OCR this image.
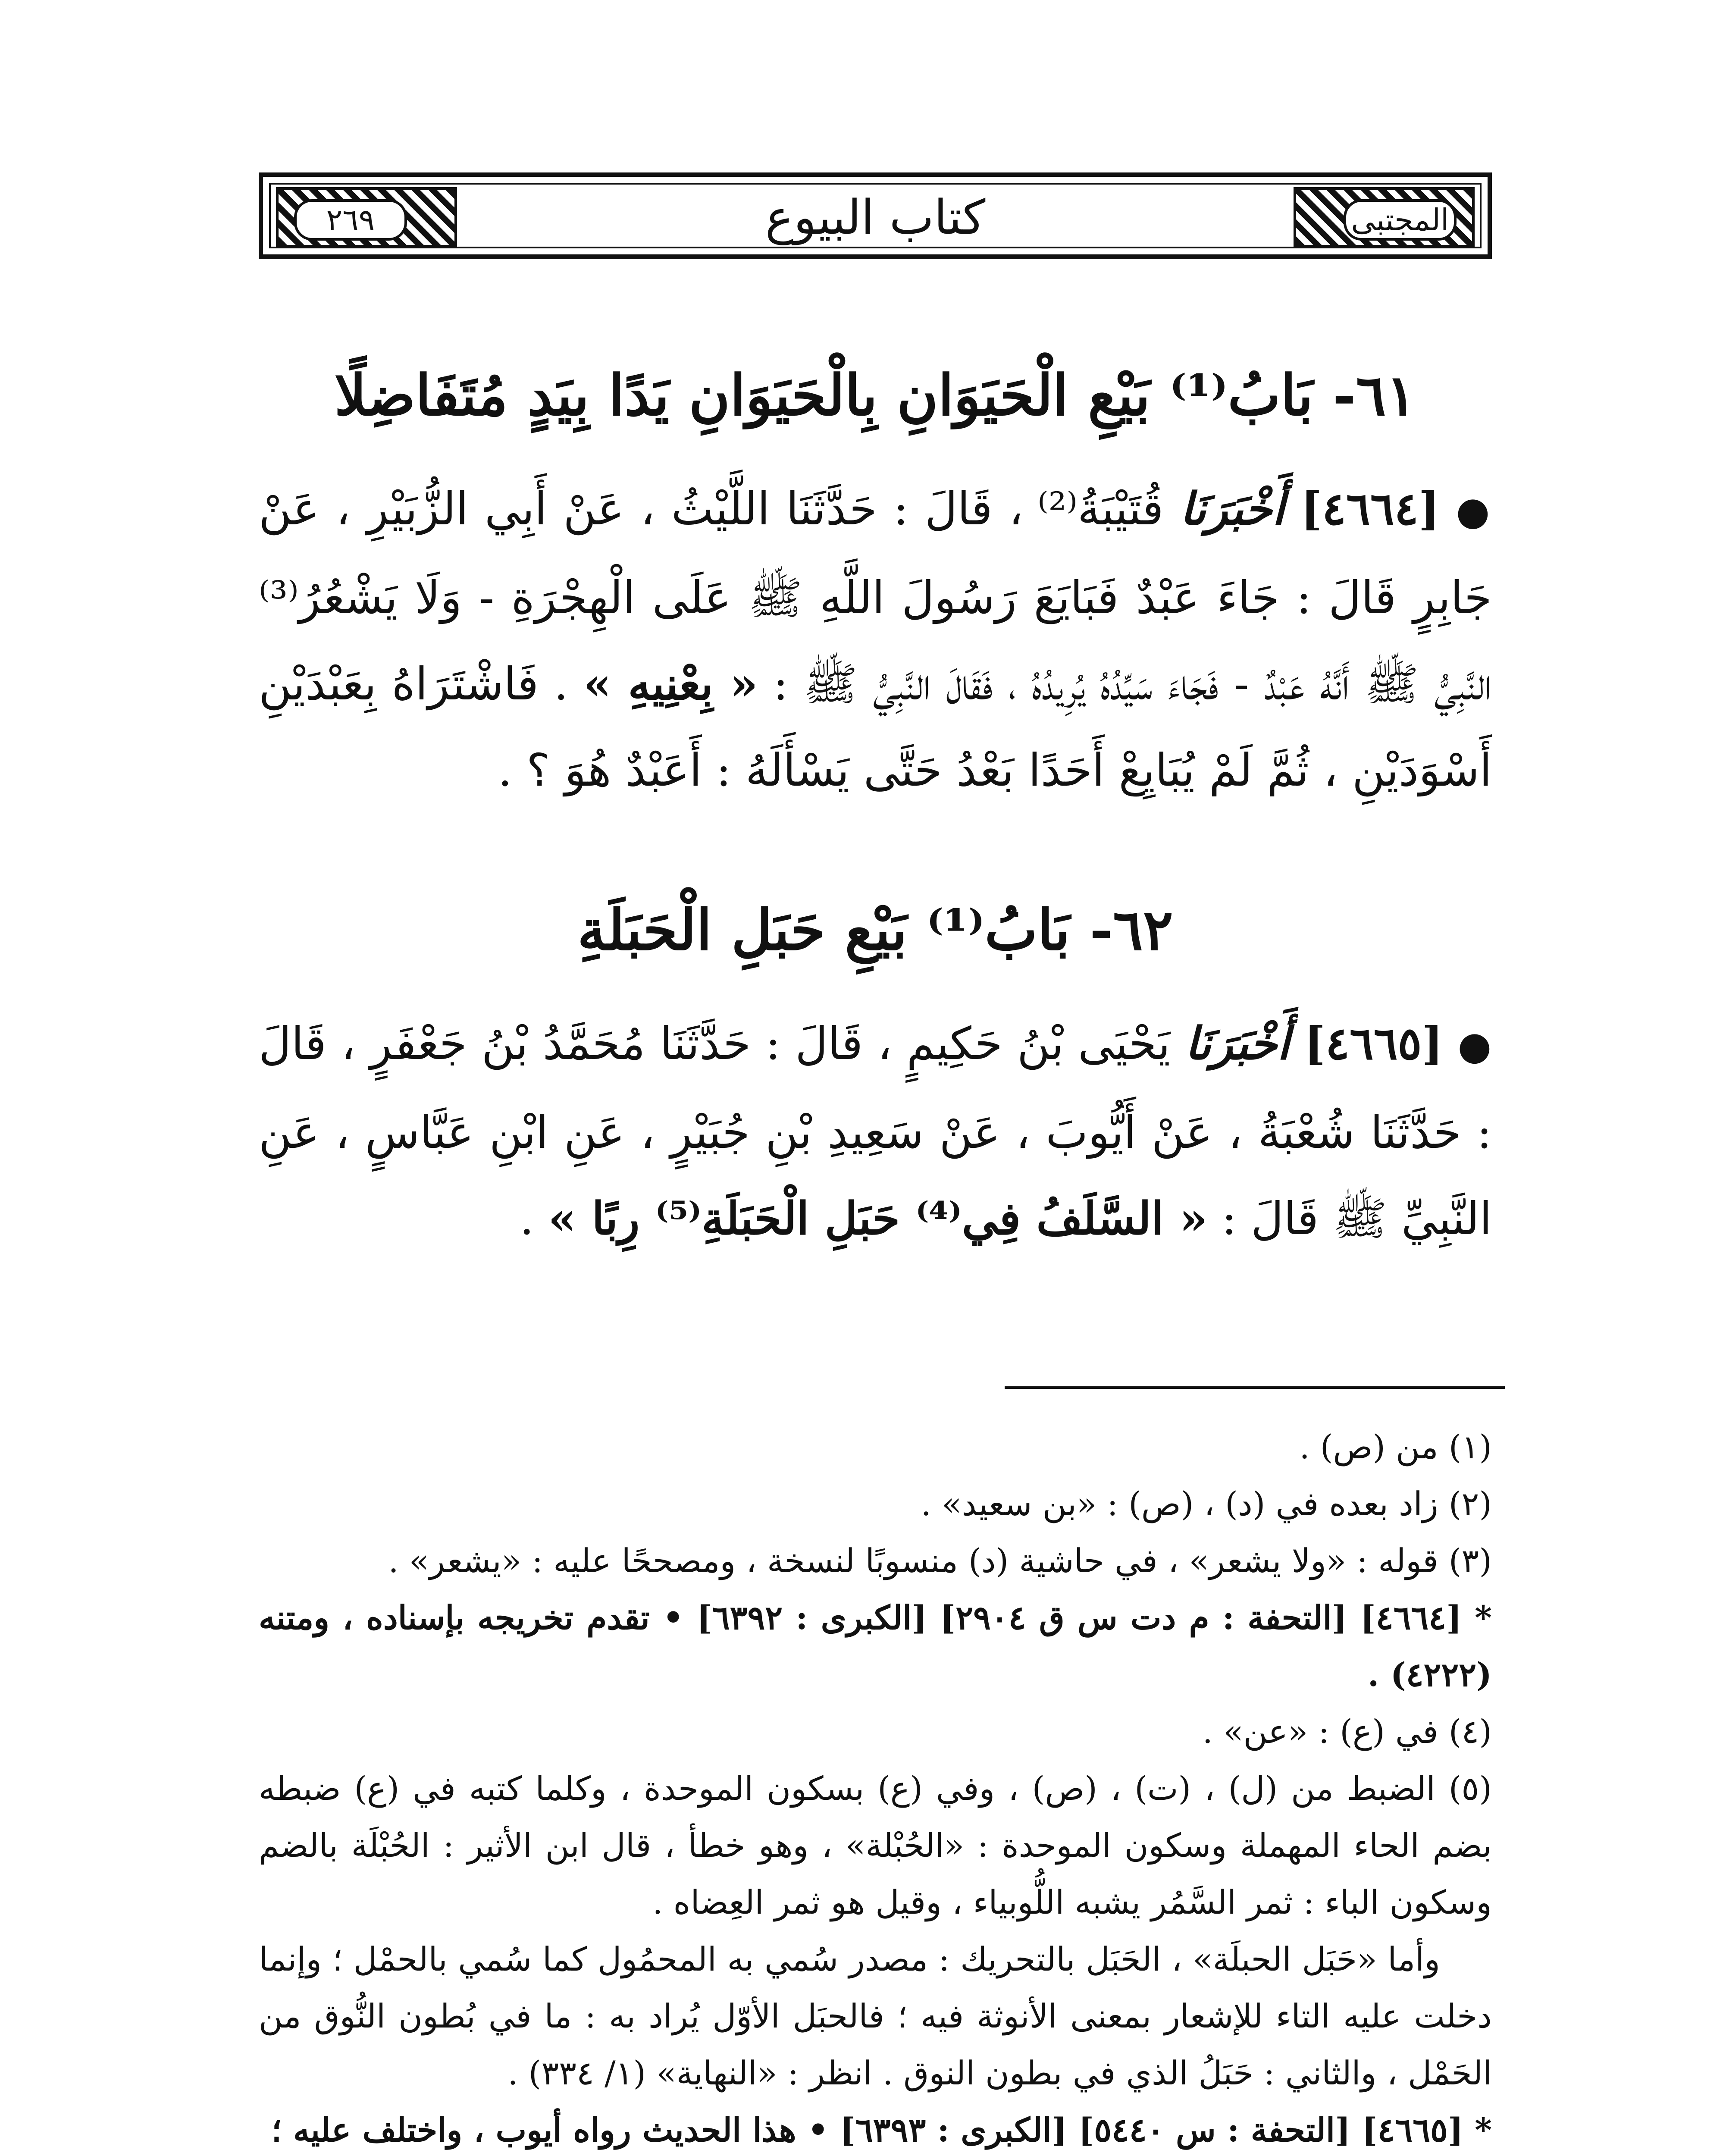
المجتبى
٢٦٩	كتاب البيوع
٦١- بَابُ⁽¹⁾ بَيْعِ الْحَيَوَانِ بِالْحَيَوَانِ يَدًا بِيَدٍ مُتَفَاضِلًا
● [٤٦٦٤] أَخْبَرَنَا قُتَيْبَةُ⁽²⁾ ، قَالَ : حَدَّثَنَا اللَّيْثُ ، عَنْ أَبِي الزُّبَيْرِ ، عَنْ جَابِرٍ قَالَ : جَاءَ عَبْدٌ فَبَايَعَ رَسُولَ اللَّهِ ﷺ عَلَى الْهِجْرَةِ - وَلَا يَشْعُرُ⁽³⁾ النَّبِيُّ ﷺ أَنَّهُ عَبْدٌ - فَجَاءَ سَيِّدُهُ يُرِيدُهُ ، فَقَالَ النَّبِيُّ ﷺ : « بِعْنِيهِ » . فَاشْتَرَاهُ بِعَبْدَيْنِ أَسْوَدَيْنِ ، ثُمَّ لَمْ يُبَايِعْ أَحَدًا بَعْدُ حَتَّى يَسْأَلَهُ : أَعَبْدٌ هُوَ ؟ .
٦٢- بَابُ⁽¹⁾ بَيْعِ حَبَلِ الْحَبَلَةِ
● [٤٦٦٥] أَخْبَرَنَا يَحْيَى بْنُ حَكِيمٍ ، قَالَ : حَدَّثَنَا مُحَمَّدُ بْنُ جَعْفَرٍ ، قَالَ : حَدَّثَنَا شُعْبَةُ ، عَنْ أَيُّوبَ ، عَنْ سَعِيدِ بْنِ جُبَيْرٍ ، عَنِ ابْنِ عَبَّاسٍ ، عَنِ النَّبِيِّ ﷺ قَالَ : « السَّلَفُ فِي⁽⁴⁾ حَبَلِ الْحَبَلَةِ⁽⁵⁾ رِبًا » .
(١) من (ص) .
(٢) زاد بعده في (د) ، (ص) : «بن سعيد» .
(٣) قوله : «ولا يشعر» ، في حاشية (د) منسوبًا لنسخة ، ومصححًا عليه : «يشعر» .
* [٤٦٦٤] [التحفة : م دت س ق ٢٩٠٤] [الكبرى : ٦٣٩٢] • تقدم تخريجه بإسناده ، ومتنه (٤٢٢٢) .
(٤) في (ع) : «عن» .
(٥) الضبط من (ل) ، (ت) ، (ص) ، وفي (ع) بسكون الموحدة ، وكلما كتبه في (ع) ضبطه بضم الحاء المهملة وسكون الموحدة : «الحُبْلة» ، وهو خطأ ، قال ابن الأثير : الحُبْلَة بالضم وسكون الباء : ثمر السَّمُر يشبه اللُّوبياء ، وقيل هو ثمر العِضاه .
وأما «حَبَل الحبلَة» ، الحَبَل بالتحريك : مصدر سُمي به المحمُول كما سُمي بالحمْل ؛ وإنما دخلت عليه التاء للإشعار بمعنى الأنوثة فيه ؛ فالحبَل الأوّل يُراد به : ما في بُطون النُّوق من الحَمْل ، والثاني : حَبَلُ الذي في بطون النوق . انظر : «النهاية» (١/ ٣٣٤) .
* [٤٦٦٥] [التحفة : س ٥٤٤٠] [الكبرى : ٦٣٩٣] • هذا الحديث رواه أيوب ، واختلف عليه ؛
